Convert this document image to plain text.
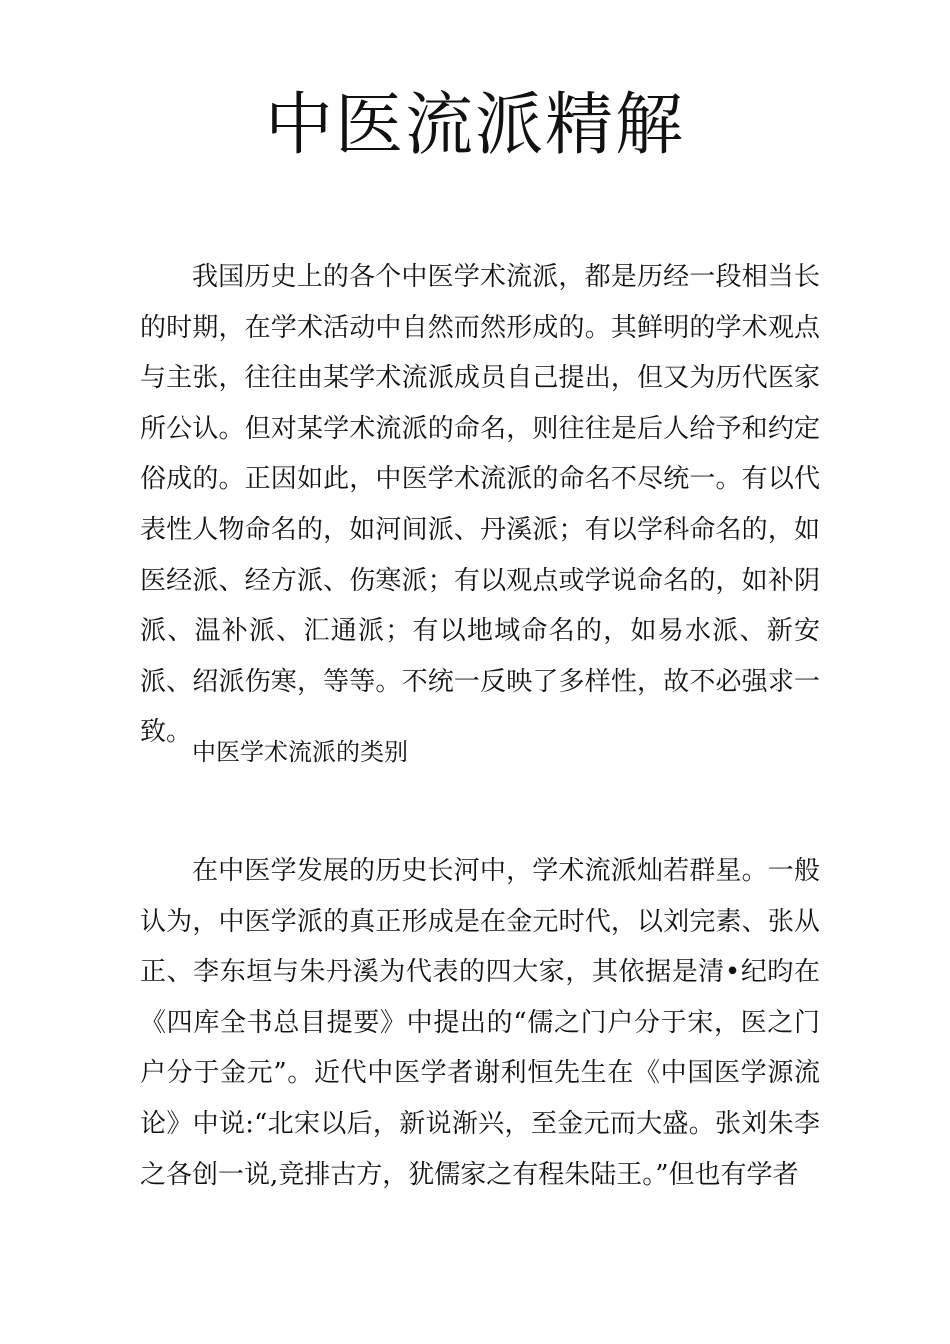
中医流派精解

我国历史上的各个中医学术流派，都是历经一段相当长的时期，在学术活动中自然而然形成的。其鲜明的学术观点与主张，往往由某学术流派成员自己提出，但又为历代医家所公认。但对某学术流派的命名，则往往是后人给予和约定俗成的。正因如此，中医学术流派的命名不尽统一。有以代表性人物命名的，如河间派、丹溪派；有以学科命名的，如医经派、经方派、伤寒派；有以观点或学说命名的，如补阴派、温补派、汇通派；有以地域命名的，如易水派、新安派、绍派伤寒，等等。不统一反映了多样性，故不必强求一致。

中医学术流派的类别

在中医学发展的历史长河中，学术流派灿若群星。一般认为，中医学派的真正形成是在金元时代，以刘完素、张从正、李东垣与朱丹溪为代表的四大家，其依据是清•纪昀在《四库全书总目提要》中提出的“儒之门户分于宋，医之门户分于金元”。近代中医学者谢利恒先生在《中国医学源流论》中说:“北宋以后，新说渐兴，至金元而大盛。张刘朱李之各创一说,竞排古方，犹儒家之有程朱陆王。”但也有学者
